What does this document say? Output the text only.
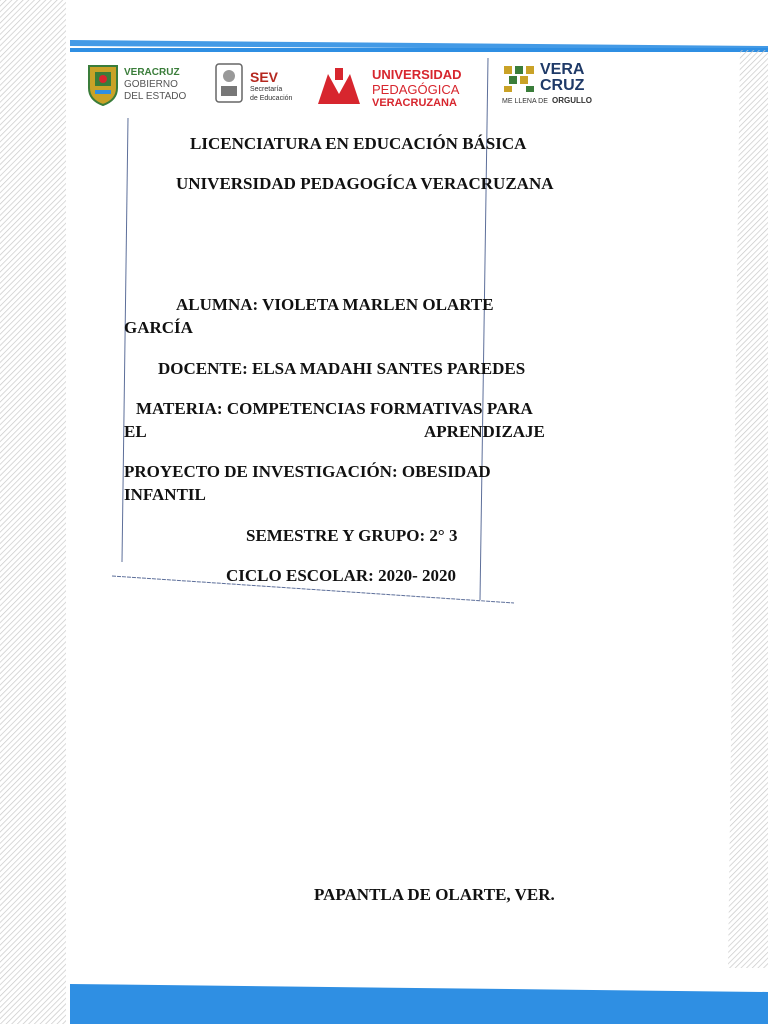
VERACRUZ
GOBIERNO
DEL ESTADO
SEV
Secretaría
de Educación
UNIVERSIDAD
PEDAGÓGICA
VERACRUZANA
VERA
CRUZ
ME LLENA DE ORGULLO
LICENCIATURA EN EDUCACIÓN BÁSICA
UNIVERSIDAD PEDAGOGÍCA VERACRUZANA
ALUMNA: VIOLETA MARLEN OLARTE
GARCÍA
DOCENTE: ELSA MADAHI SANTES PAREDES
MATERIA: COMPETENCIAS FORMATIVAS PARA
EL	APRENDIZAJE
PROYECTO DE INVESTIGACIÓN: OBESIDAD
INFANTIL
SEMESTRE Y GRUPO: 2° 3
CICLO ESCOLAR: 2020- 2020
PAPANTLA DE OLARTE, VER.
